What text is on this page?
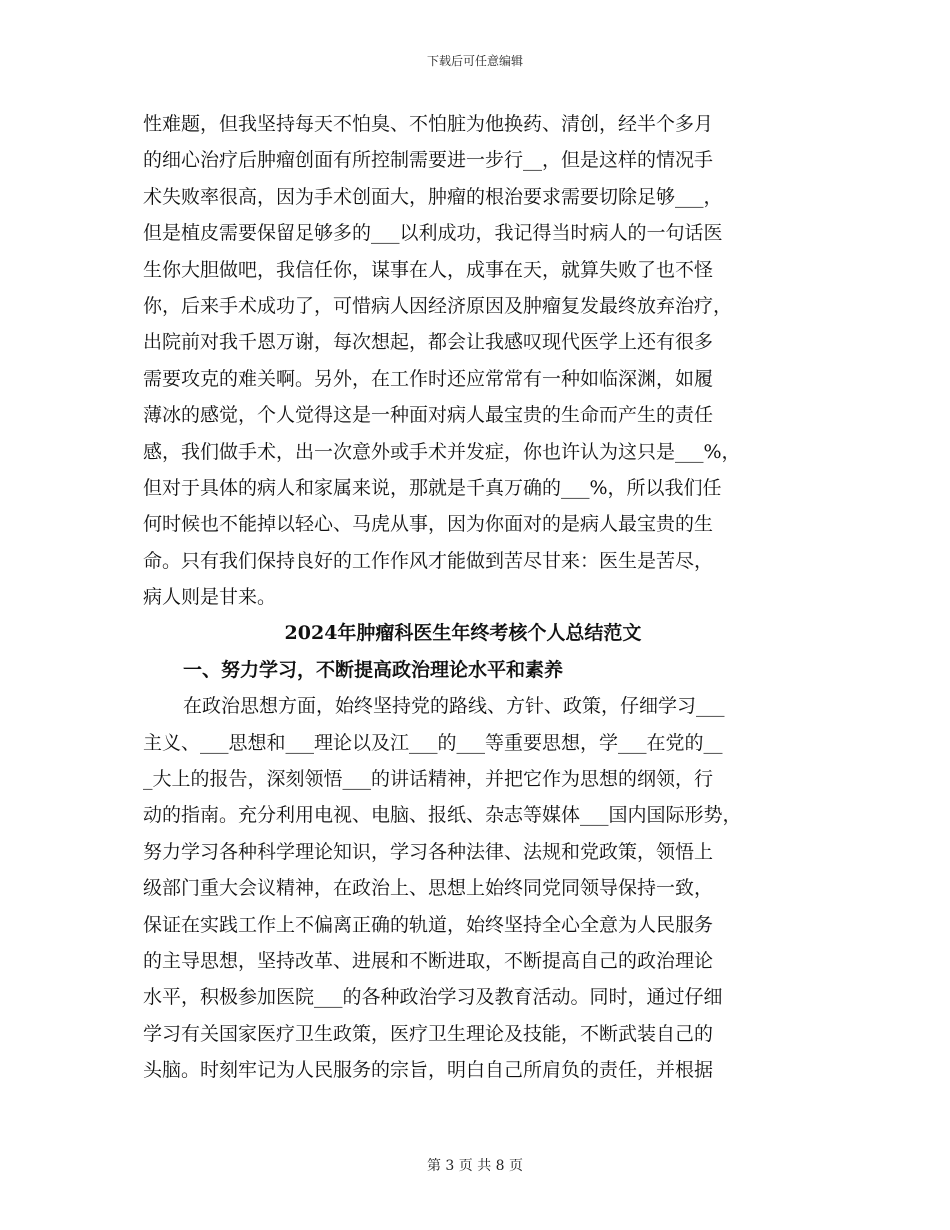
下载后可任意编辑
性难题，但我坚持每天不怕臭、不怕脏为他换药、清创，经半个多月
的细心治疗后肿瘤创面有所控制需要进一步行__，但是这样的情况手
术失败率很高，因为手术创面大，肿瘤的根治要求需要切除足够___，
但是植皮需要保留足够多的___以利成功，我记得当时病人的一句话医
生你大胆做吧，我信任你，谋事在人，成事在天，就算失败了也不怪
你，后来手术成功了，可惜病人因经济原因及肿瘤复发最终放弃治疗，
出院前对我千恩万谢，每次想起，都会让我感叹现代医学上还有很多
需要攻克的难关啊。另外，在工作时还应常常有一种如临深渊，如履
薄冰的感觉，个人觉得这是一种面对病人最宝贵的生命而产生的责任
感，我们做手术，出一次意外或手术并发症，你也许认为这只是___%，
但对于具体的病人和家属来说，那就是千真万确的___%，所以我们任
何时候也不能掉以轻心、马虎从事，因为你面对的是病人最宝贵的生
命。只有我们保持良好的工作作风才能做到苦尽甘来：医生是苦尽，
病人则是甘来。
2024年肿瘤科医生年终考核个人总结范文
一、努力学习，不断提高政治理论水平和素养
在政治思想方面，始终坚持党的路线、方针、政策，仔细学习___
主义、___思想和___理论以及江___的___等重要思想，学___在党的__
_大上的报告，深刻领悟___的讲话精神，并把它作为思想的纲领，行
动的指南。充分利用电视、电脑、报纸、杂志等媒体___国内国际形势，
努力学习各种科学理论知识，学习各种法律、法规和党政策，领悟上
级部门重大会议精神，在政治上、思想上始终同党同领导保持一致，
保证在实践工作上不偏离正确的轨道，始终坚持全心全意为人民服务
的主导思想，坚持改革、进展和不断进取，不断提高自己的政治理论
水平，积极参加医院___的各种政治学习及教育活动。同时，通过仔细
学习有关国家医疗卫生政策，医疗卫生理论及技能，不断武装自己的
头脑。时刻牢记为人民服务的宗旨，明白自己所肩负的责任，并根据
第 3 页 共 8 页
